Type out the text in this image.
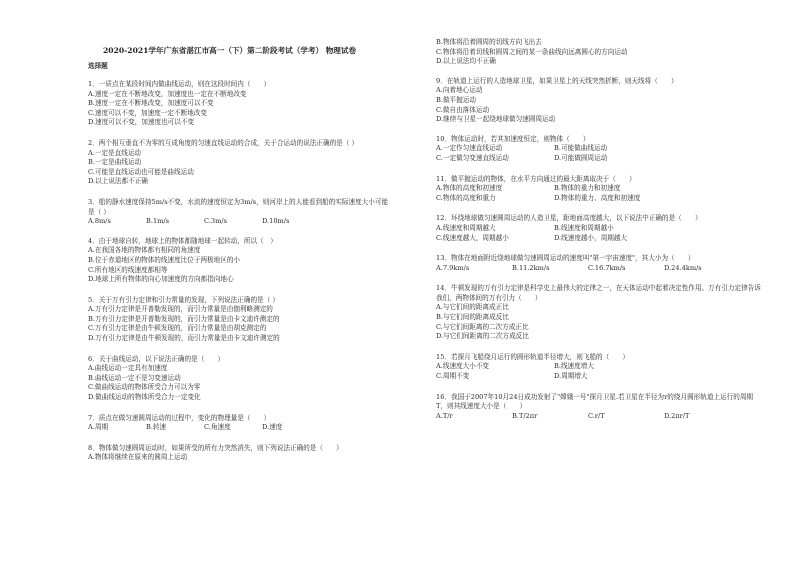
2020-2021学年广东省湛江市高一（下）第二阶段考试（学考） 物理试卷
选择题

1．一质点在某段时间内做曲线运动，则在这段时间内（　　）

A.速度一定在不断地改变，加速度也一定在不断地改变

B.速度一定在不断地改变，加速度可以不变

C.速度可以不变，加速度一定不断地改变

D.速度可以不变，加速度也可以不变

2．两个相互垂直不为零的互成角度的匀速直线运动的合成，关于合运动的说法正确的是（ ）

A.一定是直线运动

B.一定是曲线运动

C.可能是直线运动也可能是曲线运动

D.以上说法都不正确

3．船的静水速度保持5m/s不变，水流的速度恒定为3m/s，则河岸上的人能看到船的实际速度大小可能是（ ）

A.8m/s	B.1m/s	C.3m/s	D.10m/s

4．由于地球自转，地球上的物体都随地球一起转动，所以（　）

A.在我国各地的物体都有相同的角速度

B.位于赤道地区的物体的线速度比位于两极地区的小

C.所有地区的线速度都相等

D.地球上所有物体的向心加速度的方向都指向地心

5．关于万有引力定律和引力常量的发现，下列说法正确的是（ ）

A.万有引力定律是开普勒发现的，而引力常量是由伽利略测定的

B.万有引力定律是开普勒发现的，而引力常量是由卡文迪许测定的

C.万有引力定律是由牛顿发现的，而引力常量是由胡克测定的

D.万有引力定律是由牛顿发现的，而引力常量是由卡文迪许测定的

6．关于曲线运动，以下说法正确的是（　　）

A.曲线运动一定具有加速度

B.曲线运动一定不是匀变速运动

C.做曲线运动的物体所受合力可以为零

D.做曲线运动的物体所受合力一定变化

7．质点在做匀速圆周运动的过程中，变化的物理量是（　　）

A.周期	B.转速	C.角速度	D.速度

8．物体做匀速圆周运动时，如果所受的所有力突然消失，则下列说法正确的是（　　）

A.物体将继续在原来的圆周上运动

B.物体将沿着圆周的切线方向飞出去

C.物体将沿着切线和圆周之间的某一条曲线向远离圆心的方向运动

D.以上说法均不正确

9．在轨道上运行的人造地球卫星，如果卫星上的天线突然折断，则天线将（　　）

A.向着地心运动

B.做平抛运动

C.做自由落体运动

D.继续与卫星一起绕地球做匀速圆周运动

10．物体运动时，若其加速度恒定，则物体（　　）

A.一定作匀速直线运动	B.可能做曲线运动
C.一定做匀变速直线运动	D.可能做圆周运动

11．做平抛运动的物体，在水平方向通过的最大距离取决于（　　）

A.物体的高度和初速度	B.物体的重力和初速度
C.物体的高度和重力	D.物体的重力、高度和初速度

12．环绕地球做匀速圆周运动的人造卫星，距地面高度越大，以下说法中正确的是（　　）

A.线速度和周期越大	B.线速度和周期越小
C.线速度越大，周期越小	D.线速度越小，周期越大

13．物体在地面附近绕地球做匀速圆周运动的速度叫"第一宇宙速度"，其大小为（　　）

A.7.9km/s	B.11.2km/s	C.16.7km/s	D.24.4km/s

14．牛顿发现的万有引力定律是科学史上最伟大的定律之一，在天体运动中起着决定性作用。万有引力定律告诉我们，两物体间的万有引力（　　）

A.与它们间的距离成正比

B.与它们间的距离成反比

C.与它们间距离的二次方成正比

D.与它们间距离的二次方成反比

15．若探月飞船绕月运行的圆形轨道半径增大，则飞船的（　　）

A.线速度大小不变	B.线速度增大
C.周期不变	D.周期增大

16．我国于2007年10月24日成功发射了"嫦娥一号"探月卫星.若卫星在半径为r的绕月圆形轨道上运行的周期T，则其线速度大小是（　　）

A.T/r	B.T/2πr	C.r/T	D.2πr/T
